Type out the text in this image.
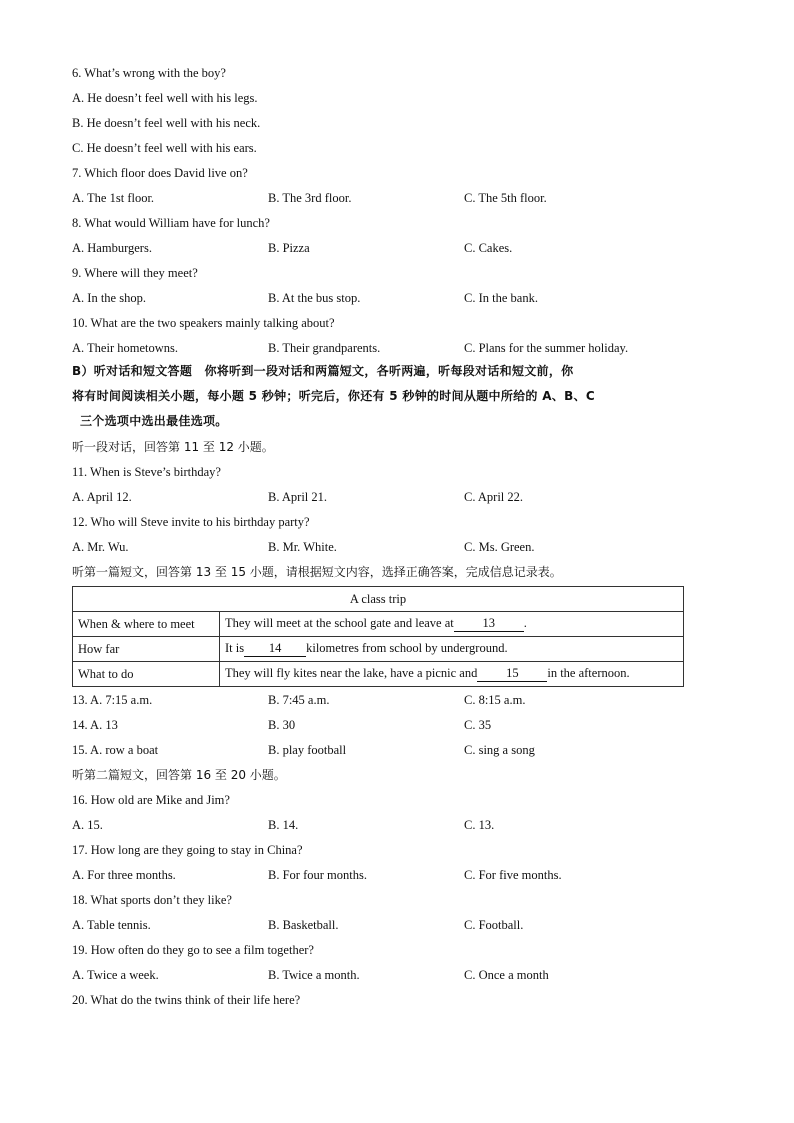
6. What’s wrong with the boy?
A. He doesn’t feel well with his legs.
B. He doesn’t feel well with his neck.
C. He doesn’t feel well with his ears.
7. Which floor does David live on?
A. The 1st floor.	B. The 3rd floor.	C. The 5th floor.
8. What would William have for lunch?
A. Hamburgers.	B. Pizza	C. Cakes.
9. Where will they meet?
A. In the shop.	B. At the bus stop.	C. In the bank.
10. What are the two speakers mainly talking about?
A. Their hometowns.	B. Their grandparents.	C. Plans for the summer holiday.
B）听对话和短文答题　你将听到一段对话和两篇短文，各听两遍，听每段对话和短文前，你
将有时间阅读相关小题，每小题 5 秒钟；听完后，你还有 5 秒钟的时间从题中所给的 A、B、C
三个选项中选出最佳选项。
听一段对话，回答第 11 至 12 小题。
11. When is Steve’s birthday?
A. April 12.	B. April 21.	C. April 22.
12. Who will Steve invite to his birthday party?
A. Mr. Wu.	B. Mr. White.	C. Ms. Green.
听第一篇短文，回答第 13 至 15 小题，请根据短文内容，选择正确答案，完成信息记录表。
A class trip	
When & where to meet	They will meet at the school gate and leave at 13 .
How far	It is 14 kilometres from school by underground.
What to do	They will fly kites near the lake, have a picnic and 15 in the afternoon.
13. A. 7:15 a.m.	B. 7:45 a.m.	C. 8:15 a.m.
14. A. 13	B. 30	C. 35
15. A. row a boat	B. play football	C. sing a song
听第二篇短文，回答第 16 至 20 小题。
16. How old are Mike and Jim?
A. 15.	B. 14.	C. 13.
17. How long are they going to stay in China?
A. For three months.	B. For four months.	C. For five months.
18. What sports don’t they like?
A. Table tennis.	B. Basketball.	C. Football.
19. How often do they go to see a film together?
A. Twice a week.	B. Twice a month.	C. Once a month
20. What do the twins think of their life here?
